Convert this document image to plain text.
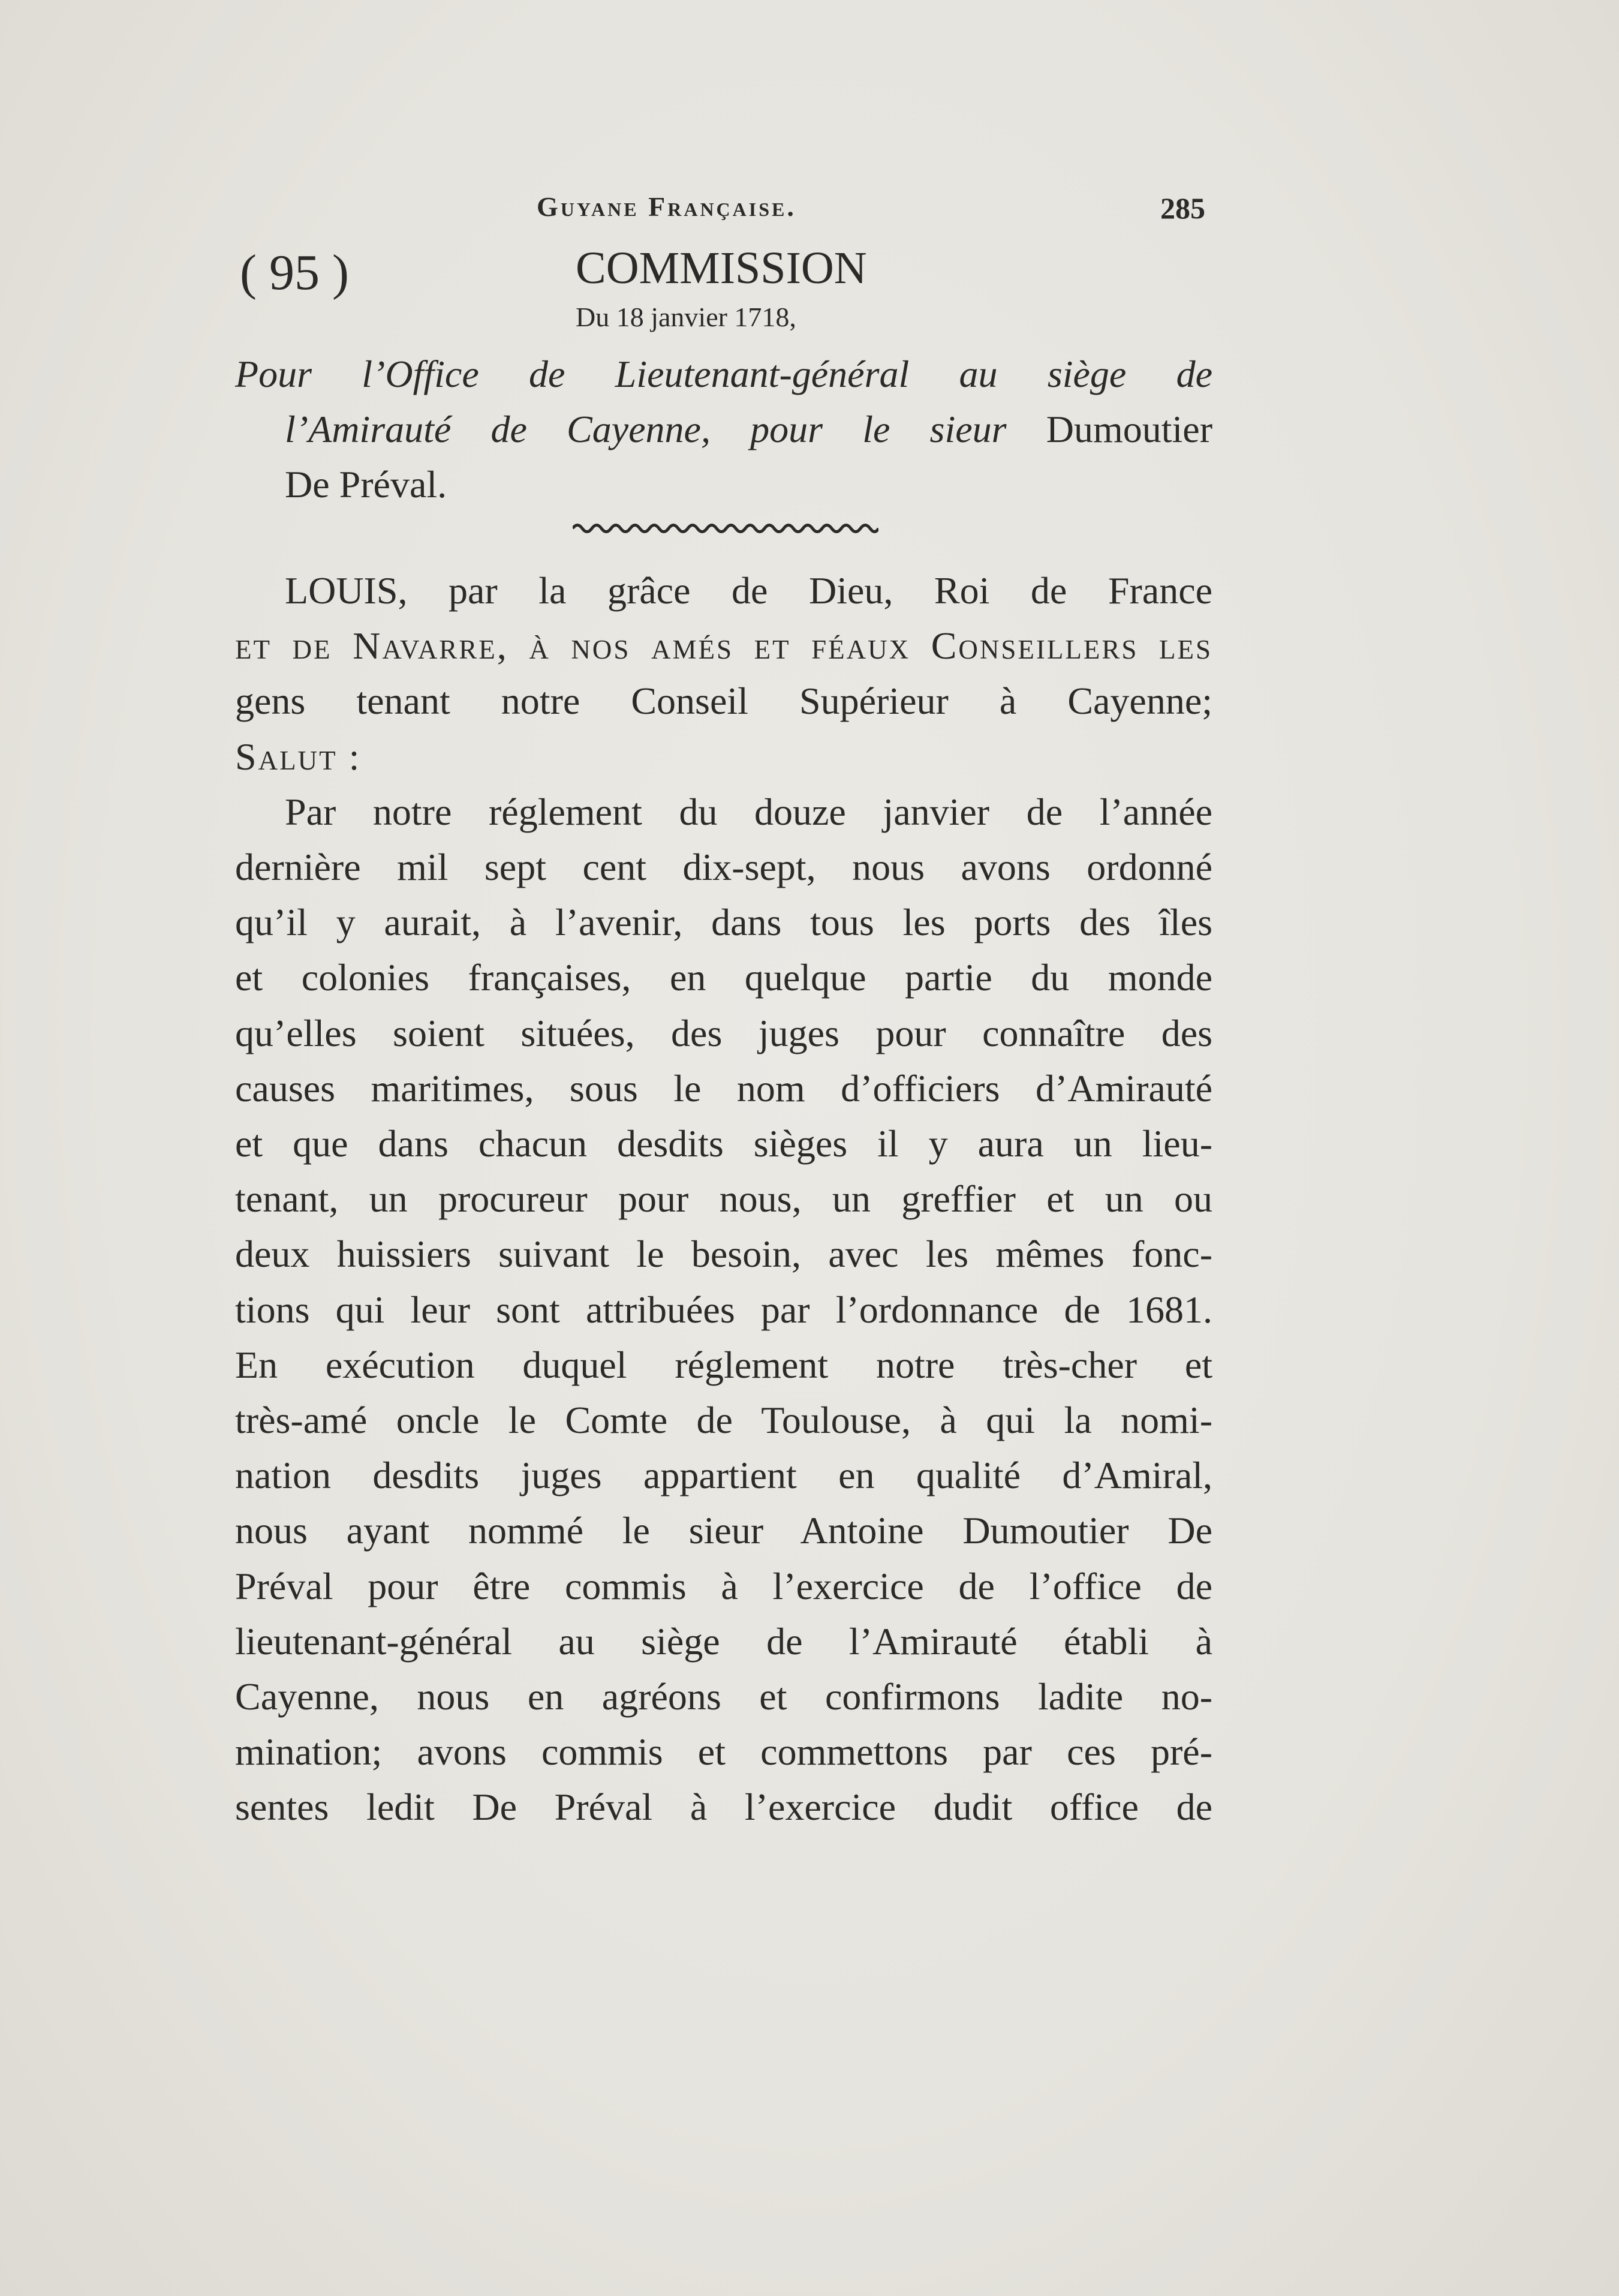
Guyane Française.	285
( 95 )	COMMISSION
Du 18 janvier 1718,
Pour l’Office de Lieutenant-général au siège de
l’Amirauté de Cayenne, pour le sieur Dumoutier
De Préval.
LOUIS, par la grâce de Dieu, Roi de France
et de Navarre, à nos amés et féaux Conseillers les
gens tenant notre Conseil Supérieur à Cayenne;
Salut :
Par notre réglement du douze janvier de l’année
dernière mil sept cent dix-sept, nous avons ordonné
qu’il y aurait, à l’avenir, dans tous les ports des îles
et colonies françaises, en quelque partie du monde
qu’elles soient situées, des juges pour connaître des
causes maritimes, sous le nom d’officiers d’Amirauté
et que dans chacun desdits sièges il y aura un lieu-
tenant, un procureur pour nous, un greffier et un ou
deux huissiers suivant le besoin, avec les mêmes fonc-
tions qui leur sont attribuées par l’ordonnance de 1681.
En exécution duquel réglement notre très-cher et
très-amé oncle le Comte de Toulouse, à qui la nomi-
nation desdits juges appartient en qualité d’Amiral,
nous ayant nommé le sieur Antoine Dumoutier De
Préval pour être commis à l’exercice de l’office de
lieutenant-général au siège de l’Amirauté établi à
Cayenne, nous en agréons et confirmons ladite no-
mination; avons commis et commettons par ces pré-
sentes ledit De Préval à l’exercice dudit office de
